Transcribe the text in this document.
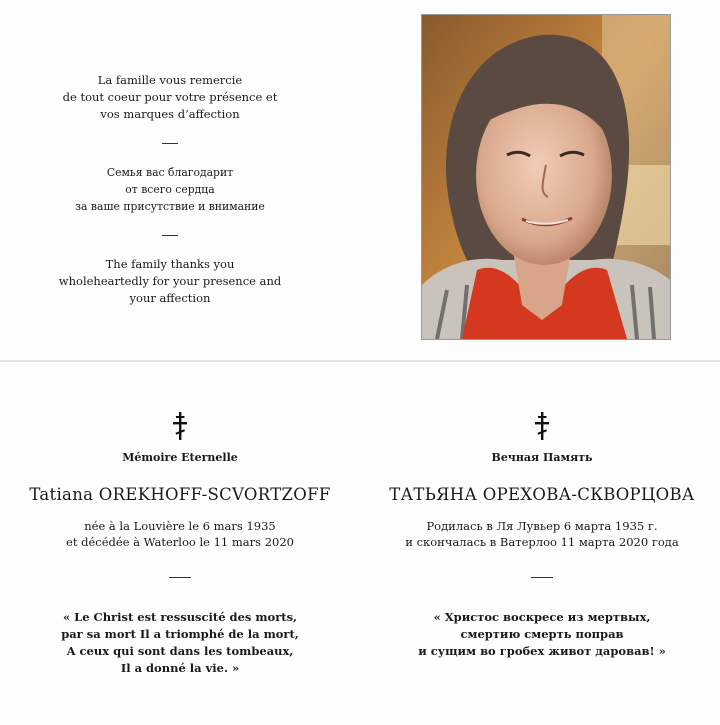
La famille vous remercie
de tout coeur pour votre présence et
vos marques d’affection

Семья вас благодарит
от всего сердца
за ваше присутствие и внимание

The family thanks you
wholeheartedly for your presence and
your affection

Mémoire Eternelle
Tatiana OREKHOFF-SCVORTZOFF
née à la Louvière le 6 mars 1935
et décédée à Waterloo le 11 mars 2020
« Le Christ est ressuscité des morts,
par sa mort Il a triomphé de la mort,
A ceux qui sont dans les tombeaux,
Il a donné la vie. »
Вечная Память
ТАТЬЯНА ОРЕХОВА-СКВОРЦОВА
Родилась в Ля Лувьер 6 марта 1935 г.
и скончалась в Ватерлоо 11 марта 2020 года
« Христос воскресе из мертвых,
смертию смерть поправ
и сущим во гробех живот даровав! »
